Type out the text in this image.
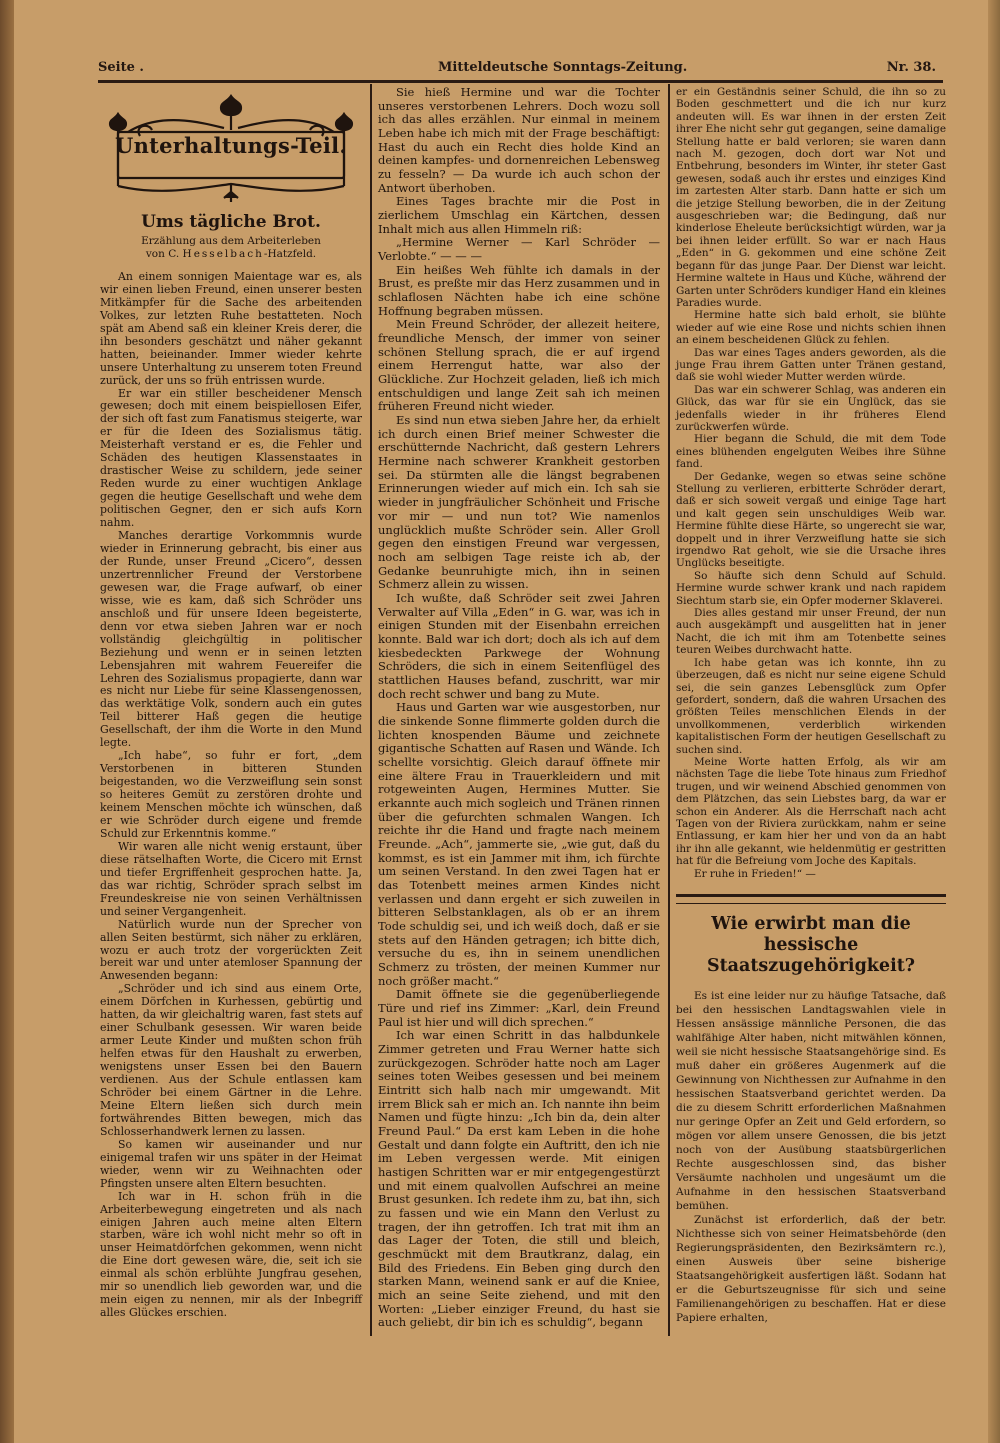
Seite .	Mitteldeutsche Sonntags-Zeitung.	Nr. 38.
Unterhaltungs-Teil.
Ums tägliche Brot.
Erzählung aus dem Arbeiterleben
von C. Hesselbach-Hatzfeld.

An einem sonnigen Maientage war es, als wir einen lieben Freund, einen unserer besten Mitkämpfer für die Sache des arbeitenden Volkes, zur letzten Ruhe bestatteten. Noch spät am Abend saß ein kleiner Kreis derer, die ihn besonders geschätzt und näher gekannt hatten, beieinander. Immer wieder kehrte unsere Unterhaltung zu unserem toten Freund zurück, der uns so früh entrissen wurde.

Er war ein stiller bescheidener Mensch gewesen; doch mit einem beispiellosen Eifer, der sich oft fast zum Fanatismus steigerte, war er für die Ideen des Sozialismus tätig. Meisterhaft verstand er es, die Fehler und Schäden des heutigen Klassenstaates in drastischer Weise zu schildern, jede seiner Reden wurde zu einer wuchtigen Anklage gegen die heutige Gesellschaft und wehe dem politischen Gegner, den er sich aufs Korn nahm.

Manches derartige Vorkommnis wurde wieder in Erinnerung gebracht, bis einer aus der Runde, unser Freund „Cicero“, dessen unzertrennlicher Freund der Verstorbene gewesen war, die Frage aufwarf, ob einer wisse, wie es kam, daß sich Schröder uns anschloß und für unsere Ideen begeisterte, denn vor etwa sieben Jahren war er noch vollständig gleichgültig in politischer Beziehung und wenn er in seinen letzten Lebensjahren mit wahrem Feuereifer die Lehren des Sozialismus propagierte, dann war es nicht nur Liebe für seine Klassengenossen, das werktätige Volk, sondern auch ein gutes Teil bitterer Haß gegen die heutige Gesellschaft, der ihm die Worte in den Mund legte.

„Ich habe“, so fuhr er fort, „dem Verstorbenen in bitteren Stunden beigestanden, wo die Verzweiflung sein sonst so heiteres Gemüt zu zerstören drohte und keinem Menschen möchte ich wünschen, daß er wie Schröder durch eigene und fremde Schuld zur Erkenntnis komme.“

Wir waren alle nicht wenig erstaunt, über diese rätselhaften Worte, die Cicero mit Ernst und tiefer Ergriffenheit gesprochen hatte. Ja, das war richtig, Schröder sprach selbst im Freundeskreise nie von seinen Verhältnissen und seiner Vergangenheit.

Natürlich wurde nun der Sprecher von allen Seiten bestürmt, sich näher zu erklären, wozu er auch trotz der vorgerückten Zeit bereit war und unter atemloser Spannung der Anwesenden begann:

„Schröder und ich sind aus einem Orte, einem Dörfchen in Kurhessen, gebürtig und hatten, da wir gleichaltrig waren, fast stets auf einer Schulbank gesessen. Wir waren beide armer Leute Kinder und mußten schon früh helfen etwas für den Haushalt zu erwerben, wenigstens unser Essen bei den Bauern verdienen. Aus der Schule entlassen kam Schröder bei einem Gärtner in die Lehre. Meine Eltern ließen sich durch mein fortwährendes Bitten bewegen, mich das Schlosserhandwerk lernen zu lassen.

So kamen wir auseinander und nur einigemal trafen wir uns später in der Heimat wieder, wenn wir zu Weihnachten oder Pfingsten unsere alten Eltern besuchten.

Ich war in H. schon früh in die Arbeiterbewegung eingetreten und als nach einigen Jahren auch meine alten Eltern starben, wäre ich wohl nicht mehr so oft in unser Heimatdörfchen gekommen, wenn nicht die Eine dort gewesen wäre, die, seit ich sie einmal als schön erblühte Jungfrau gesehen, mir so unendlich lieb geworden war, und die mein eigen zu nennen, mir als der Inbegriff alles Glückes erschien.

Sie hieß Hermine und war die Tochter unseres verstorbenen Lehrers. Doch wozu soll ich das alles erzählen. Nur einmal in meinem Leben habe ich mich mit der Frage beschäftigt: Hast du auch ein Recht dies holde Kind an deinen kampfes- und dornenreichen Lebensweg zu fesseln? — Da wurde ich auch schon der Antwort überhoben.

Eines Tages brachte mir die Post in zierlichem Umschlag ein Kärtchen, dessen Inhalt mich aus allen Himmeln riß:

„Hermine Werner — Karl Schröder — Verlobte.“ — — —

Ein heißes Weh fühlte ich damals in der Brust, es preßte mir das Herz zusammen und in schlaflosen Nächten habe ich eine schöne Hoffnung begraben müssen.

Mein Freund Schröder, der allezeit heitere, freundliche Mensch, der immer von seiner schönen Stellung sprach, die er auf irgend einem Herrengut hatte, war also der Glückliche. Zur Hochzeit geladen, ließ ich mich entschuldigen und lange Zeit sah ich meinen früheren Freund nicht wieder.

Es sind nun etwa sieben Jahre her, da erhielt ich durch einen Brief meiner Schwester die erschütternde Nachricht, daß gestern Lehrers Hermine nach schwerer Krankheit gestorben sei. Da stürmten alle die längst begrabenen Erinnerungen wieder auf mich ein. Ich sah sie wieder in jungfräulicher Schönheit und Frische vor mir — und nun tot? Wie namenlos unglücklich mußte Schröder sein. Aller Groll gegen den einstigen Freund war vergessen, noch am selbigen Tage reiste ich ab, der Gedanke beunruhigte mich, ihn in seinen Schmerz allein zu wissen.

Ich wußte, daß Schröder seit zwei Jahren Verwalter auf Villa „Eden“ in G. war, was ich in einigen Stunden mit der Eisenbahn erreichen konnte. Bald war ich dort; doch als ich auf dem kiesbedeckten Parkwege der Wohnung Schröders, die sich in einem Seitenflügel des stattlichen Hauses befand, zuschritt, war mir doch recht schwer und bang zu Mute.

Haus und Garten war wie ausgestorben, nur die sinkende Sonne flimmerte golden durch die lichten knospenden Bäume und zeichnete gigantische Schatten auf Rasen und Wände. Ich schellte vorsichtig. Gleich darauf öffnete mir eine ältere Frau in Trauerkleidern und mit rotgeweinten Augen, Hermines Mutter. Sie erkannte auch mich sogleich und Tränen rinnen über die gefurchten schmalen Wangen. Ich reichte ihr die Hand und fragte nach meinem Freunde. „Ach“, jammerte sie, „wie gut, daß du kommst, es ist ein Jammer mit ihm, ich fürchte um seinen Verstand. In den zwei Tagen hat er das Totenbett meines armen Kindes nicht verlassen und dann ergeht er sich zuweilen in bitteren Selbstanklagen, als ob er an ihrem Tode schuldig sei, und ich weiß doch, daß er sie stets auf den Händen getragen; ich bitte dich, versuche du es, ihn in seinem unendlichen Schmerz zu trösten, der meinen Kummer nur noch größer macht.“

Damit öffnete sie die gegenüberliegende Türe und rief ins Zimmer: „Karl, dein Freund Paul ist hier und will dich sprechen.“

Ich war einen Schritt in das halbdunkele Zimmer getreten und Frau Werner hatte sich zurückgezogen. Schröder hatte noch am Lager seines toten Weibes gesessen und bei meinem Eintritt sich halb nach mir umgewandt. Mit irrem Blick sah er mich an. Ich nannte ihn beim Namen und fügte hinzu: „Ich bin da, dein alter Freund Paul.“ Da erst kam Leben in die hohe Gestalt und dann folgte ein Auftritt, den ich nie im Leben vergessen werde. Mit einigen hastigen Schritten war er mir entgegengestürzt und mit einem qualvollen Aufschrei an meine Brust gesunken. Ich redete ihm zu, bat ihn, sich zu fassen und wie ein Mann den Verlust zu tragen, der ihn getroffen. Ich trat mit ihm an das Lager der Toten, die still und bleich, geschmückt mit dem Brautkranz, dalag, ein Bild des Friedens. Ein Beben ging durch den starken Mann, weinend sank er auf die Kniee, mich an seine Seite ziehend, und mit den Worten: „Lieber einziger Freund, du hast sie auch geliebt, dir bin ich es schuldig“, begann

er ein Geständnis seiner Schuld, die ihn so zu Boden geschmettert und die ich nur kurz andeuten will. Es war ihnen in der ersten Zeit ihrer Ehe nicht sehr gut gegangen, seine damalige Stellung hatte er bald verloren; sie waren dann nach M. gezogen, doch dort war Not und Entbehrung, besonders im Winter, ihr steter Gast gewesen, sodaß auch ihr erstes und einziges Kind im zartesten Alter starb. Dann hatte er sich um die jetzige Stellung beworben, die in der Zeitung ausgeschrieben war; die Bedingung, daß nur kinderlose Eheleute berücksichtigt würden, war ja bei ihnen leider erfüllt. So war er nach Haus „Eden“ in G. gekommen und eine schöne Zeit begann für das junge Paar. Der Dienst war leicht. Hermine waltete in Haus und Küche, während der Garten unter Schröders kundiger Hand ein kleines Paradies wurde.

Hermine hatte sich bald erholt, sie blühte wieder auf wie eine Rose und nichts schien ihnen an einem bescheidenen Glück zu fehlen.

Das war eines Tages anders geworden, als die junge Frau ihrem Gatten unter Tränen gestand, daß sie wohl wieder Mutter werden würde.

Das war ein schwerer Schlag, was anderen ein Glück, das war für sie ein Unglück, das sie jedenfalls wieder in ihr früheres Elend zurückwerfen würde.

Hier begann die Schuld, die mit dem Tode eines blühenden engelguten Weibes ihre Sühne fand.

Der Gedanke, wegen so etwas seine schöne Stellung zu verlieren, erbitterte Schröder derart, daß er sich soweit vergaß und einige Tage hart und kalt gegen sein unschuldiges Weib war. Hermine fühlte diese Härte, so ungerecht sie war, doppelt und in ihrer Verzweiflung hatte sie sich irgendwo Rat geholt, wie sie die Ursache ihres Unglücks beseitigte.

So häufte sich denn Schuld auf Schuld. Hermine wurde schwer krank und nach rapidem Siechtum starb sie, ein Opfer moderner Sklaverei.

Dies alles gestand mir unser Freund, der nun auch ausgekämpft und ausgelitten hat in jener Nacht, die ich mit ihm am Totenbette seines teuren Weibes durchwacht hatte.

Ich habe getan was ich konnte, ihn zu überzeugen, daß es nicht nur seine eigene Schuld sei, die sein ganzes Lebensglück zum Opfer gefordert, sondern, daß die wahren Ursachen des größten Teiles menschlichen Elends in der unvollkommenen, verderblich wirkenden kapitalistischen Form der heutigen Gesellschaft zu suchen sind.

Meine Worte hatten Erfolg, als wir am nächsten Tage die liebe Tote hinaus zum Friedhof trugen, und wir weinend Abschied genommen von dem Plätzchen, das sein Liebstes barg, da war er schon ein Anderer. Als die Herrschaft nach acht Tagen von der Riviera zurückkam, nahm er seine Entlassung, er kam hier her und von da an habt ihr ihn alle gekannt, wie heldenmütig er gestritten hat für die Befreiung vom Joche des Kapitals.

Er ruhe in Frieden!“ —

Wie erwirbt man die hessische Staatszugehörigkeit?

Es ist eine leider nur zu häufige Tatsache, daß bei den hessischen Landtagswahlen viele in Hessen ansässige männliche Personen, die das wahlfähige Alter haben, nicht mitwählen können, weil sie nicht hessische Staatsangehörige sind. Es muß daher ein größeres Augenmerk auf die Gewinnung von Nichthessen zur Aufnahme in den hessischen Staatsverband gerichtet werden. Da die zu diesem Schritt erforderlichen Maßnahmen nur geringe Opfer an Zeit und Geld erfordern, so mögen vor allem unsere Genossen, die bis jetzt noch von der Ausübung staatsbürgerlichen Rechte ausgeschlossen sind, das bisher Versäumte nachholen und ungesäumt um die Aufnahme in den hessischen Staatsverband bemühen.

Zunächst ist erforderlich, daß der betr. Nichthesse sich von seiner Heimatsbehörde (den Regierungspräsidenten, den Bezirksämtern rc.), einen Ausweis über seine bisherige Staatsangehörigkeit ausfertigen läßt. Sodann hat er die Geburtszeugnisse für sich und seine Familienangehörigen zu beschaffen. Hat er diese Papiere erhalten,
